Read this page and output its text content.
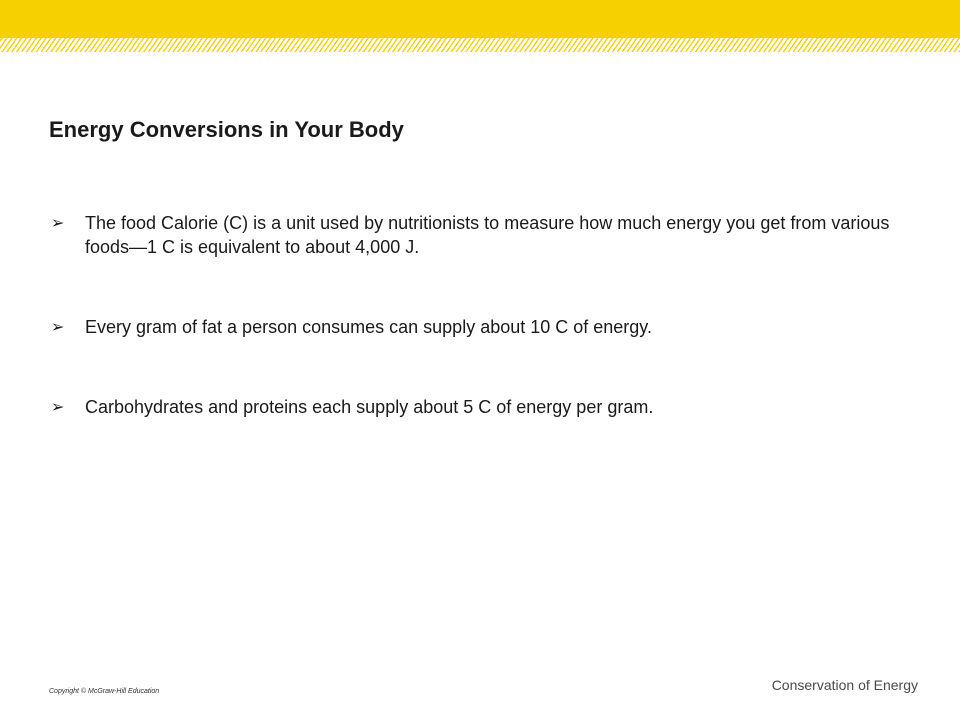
Energy Conversions in Your Body
➢ The food Calorie (C) is a unit used by nutritionists to measure how much energy you get from various foods—1 C is equivalent to about 4,000 J.
➢ Every gram of fat a person consumes can supply about 10 C of energy.
➢ Carbohydrates and proteins each supply about 5 C of energy per gram.
Copyright © McGraw-Hill Education	Conservation of Energy
